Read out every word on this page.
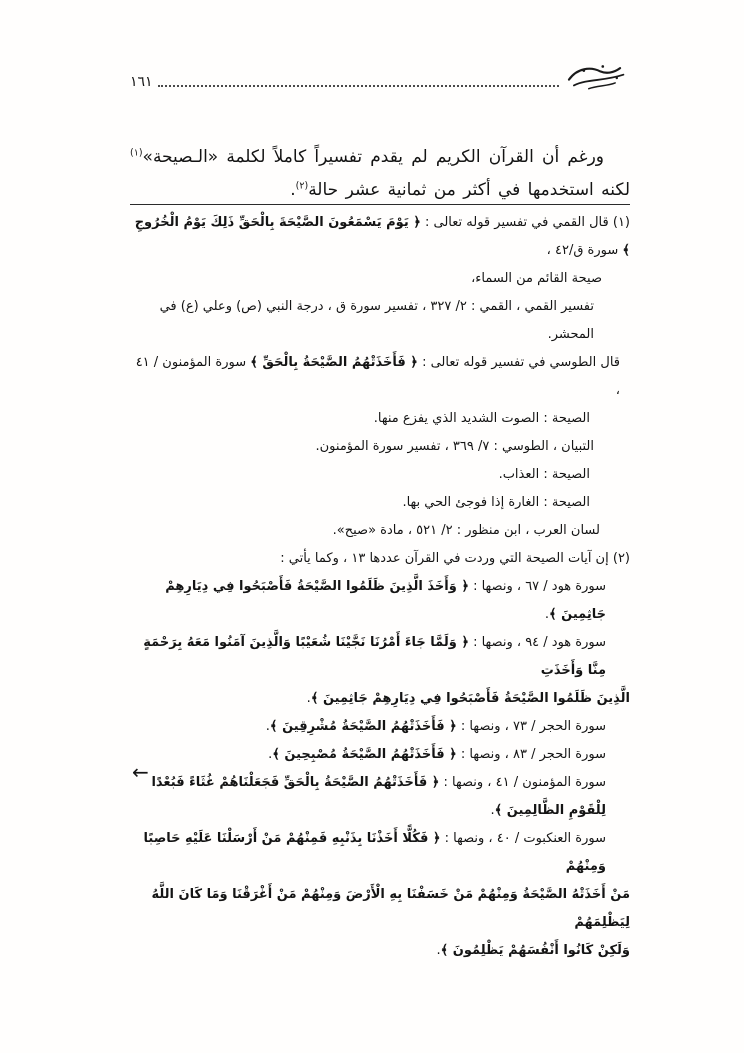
١٦١

ورغم أن القرآن الكريم لم يقدم تفسيراً كاملاً لكلمة «الـصيحة»$^{(١)}$ لكنه استخدمها في أكثر من ثمانية عشر حالة$^{(٢)}$.

(١) قال القمي في تفسير قوله تعالى : ﴿ يَوْمَ يَسْمَعُونَ الصَّيْحَةَ بِالْحَقِّ ذَلِكَ يَوْمُ الْخُرُوجِ ﴾ سورة ق/٤٢ ،
صيحة القائم من السماء،
تفسير القمي ، القمي : ٢/ ٣٢٧ ، تفسير سورة ق ، درجة النبي (ص) وعلي (ع) في المحشر.
قال الطوسي في تفسير قوله تعالى : ﴿ فَأَخَذَتْهُمُ الصَّيْحَةُ بِالْحَقِّ ﴾ سورة المؤمنون / ٤١ ،
الصيحة : الصوت الشديد الذي يفزع منها.
التبيان ، الطوسي : ٧/ ٣٦٩ ، تفسير سورة المؤمنون.
الصيحة : العذاب.
الصيحة : الغارة إذا فوجئ الحي بها.
لسان العرب ، ابن منظور : ٢/ ٥٢١ ، مادة «صيح».
(٢) إن آيات الصيحة التي وردت في القرآن عددها ١٣ ، وكما يأتي :
سورة هود / ٦٧ ، ونصها : ﴿ وَأَخَذَ الَّذِينَ ظَلَمُوا الصَّيْحَةُ فَأَصْبَحُوا فِي دِيَارِهِمْ جَاثِمِينَ ﴾.
سورة هود / ٩٤ ، ونصها : ﴿ وَلَمَّا جَاءَ أَمْرُنَا نَجَّيْنَا شُعَيْبًا وَالَّذِينَ آمَنُوا مَعَهُ بِرَحْمَةٍ مِنَّا وَأَخَذَتِ
الَّذِينَ ظَلَمُوا الصَّيْحَةُ فَأَصْبَحُوا فِي دِيَارِهِمْ جَاثِمِينَ ﴾.
سورة الحجر / ٧٣ ، ونصها : ﴿ فَأَخَذَتْهُمُ الصَّيْحَةُ مُشْرِقِينَ ﴾.
سورة الحجر / ٨٣ ، ونصها : ﴿ فَأَخَذَتْهُمُ الصَّيْحَةُ مُصْبِحِينَ ﴾.
سورة المؤمنون / ٤١ ، ونصها : ﴿ فَأَخَذَتْهُمُ الصَّيْحَةُ بِالْحَقِّ فَجَعَلْنَاهُمْ غُثَاءً فَبُعْدًا لِلْقَوْمِ الظَّالِمِينَ ﴾.
سورة العنكبوت / ٤٠ ، ونصها : ﴿ فَكُلًّا أَخَذْنَا بِذَنْبِهِ فَمِنْهُمْ مَنْ أَرْسَلْنَا عَلَيْهِ حَاصِبًا وَمِنْهُمْ
مَنْ أَخَذَتْهُ الصَّيْحَةُ وَمِنْهُمْ مَنْ خَسَفْنَا بِهِ الْأَرْضَ وَمِنْهُمْ مَنْ أَغْرَقْنَا وَمَا كَانَ اللَّهُ لِيَظْلِمَهُمْ
وَلَكِنْ كَانُوا أَنْفُسَهُمْ يَظْلِمُونَ ﴾.
←
